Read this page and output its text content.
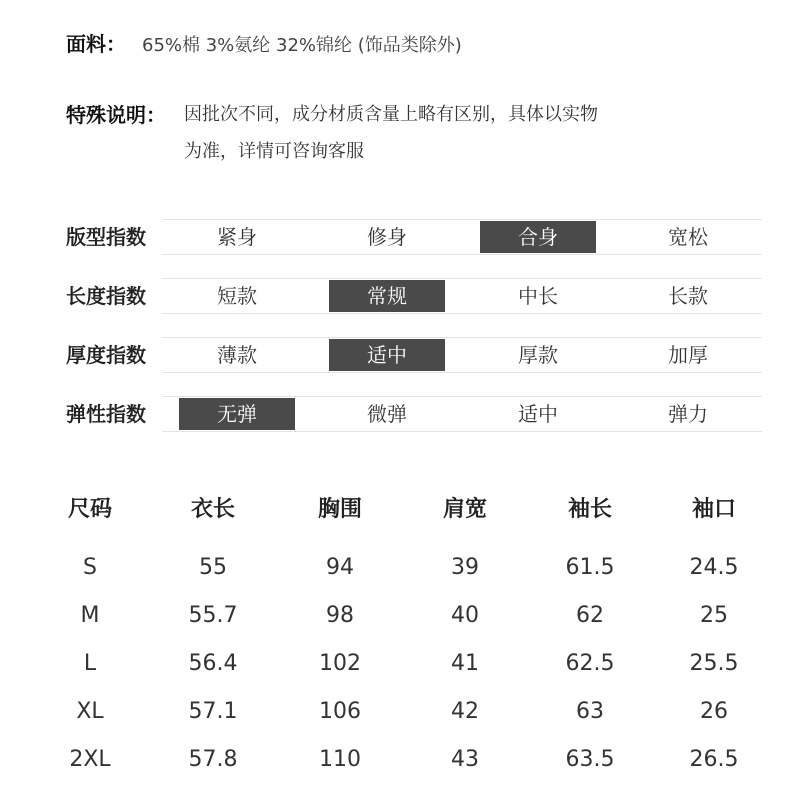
面料： 65%棉 3%氨纶 32%锦纶 (饰品类除外)
特殊说明： 因批次不同，成分材质含量上略有区别，具体以实物
为准，详情可咨询客服
版型指数	紧身	修身	合身	宽松
长度指数	短款	常规	中长	长款
厚度指数	薄款	适中	厚款	加厚
弹性指数	无弹	微弹	适中	弹力
尺码	衣长	胸围	肩宽	袖长	袖口
S	55	94	39	61.5	24.5
M	55.7	98	40	62	25
L	56.4	102	41	62.5	25.5
XL	57.1	106	42	63	26
2XL	57.8	110	43	63.5	26.5
